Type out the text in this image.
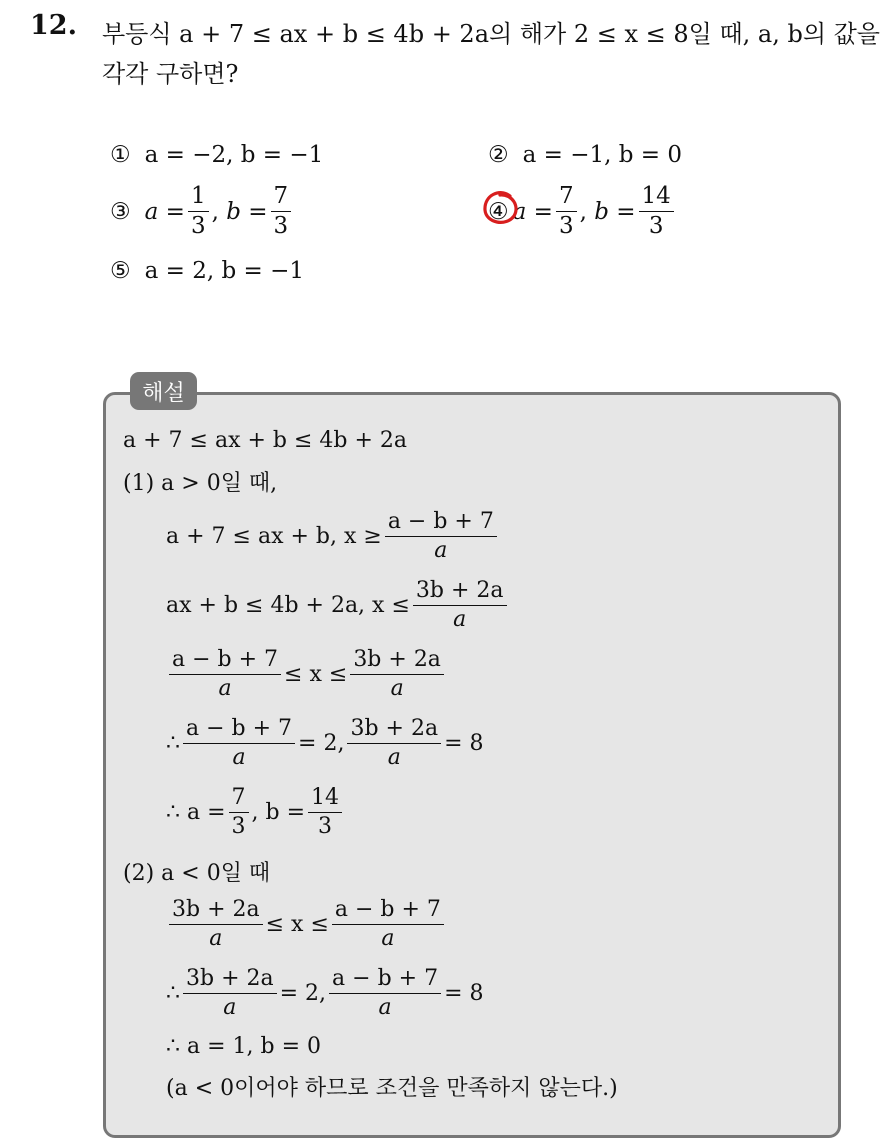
12. 부등식 a + 7 ≤ ax + b ≤ 4b + 2a의 해가 2 ≤ x ≤ 8일 때, a, b의 값을
각각 구하면?
① a = −2, b = −1	② a = −1, b = 0
③ $a = \frac{1}{3}$ , $b = \frac{7}{3}$	④ $a = \frac{7}{3}$ , $b = \frac{14}{3}$
⑤ a = 2, b = −1
해설
a + 7 ≤ ax + b ≤ 4b + 2a
(1) a > 0일 때,
a + 7 ≤ ax + b, $x \ge \frac{a - b + 7}{a}$
ax + b ≤ 4b + 2a, $x \le \frac{3b + 2a}{a}$
$\frac{a - b + 7}{a} \le x \le \frac{3b + 2a}{a}$
∴ $\frac{a - b + 7}{a} = 2$, $\frac{3b + 2a}{a} = 8$
∴ $a = \frac{7}{3}$ , $b = \frac{14}{3}$
(2) a < 0일 때
$\frac{3b + 2a}{a} \le x \le \frac{a - b + 7}{a}$
∴ $\frac{3b + 2a}{a} = 2$, $\frac{a - b + 7}{a} = 8$
∴ a = 1, b = 0
(a < 0이어야 하므로 조건을 만족하지 않는다.)
